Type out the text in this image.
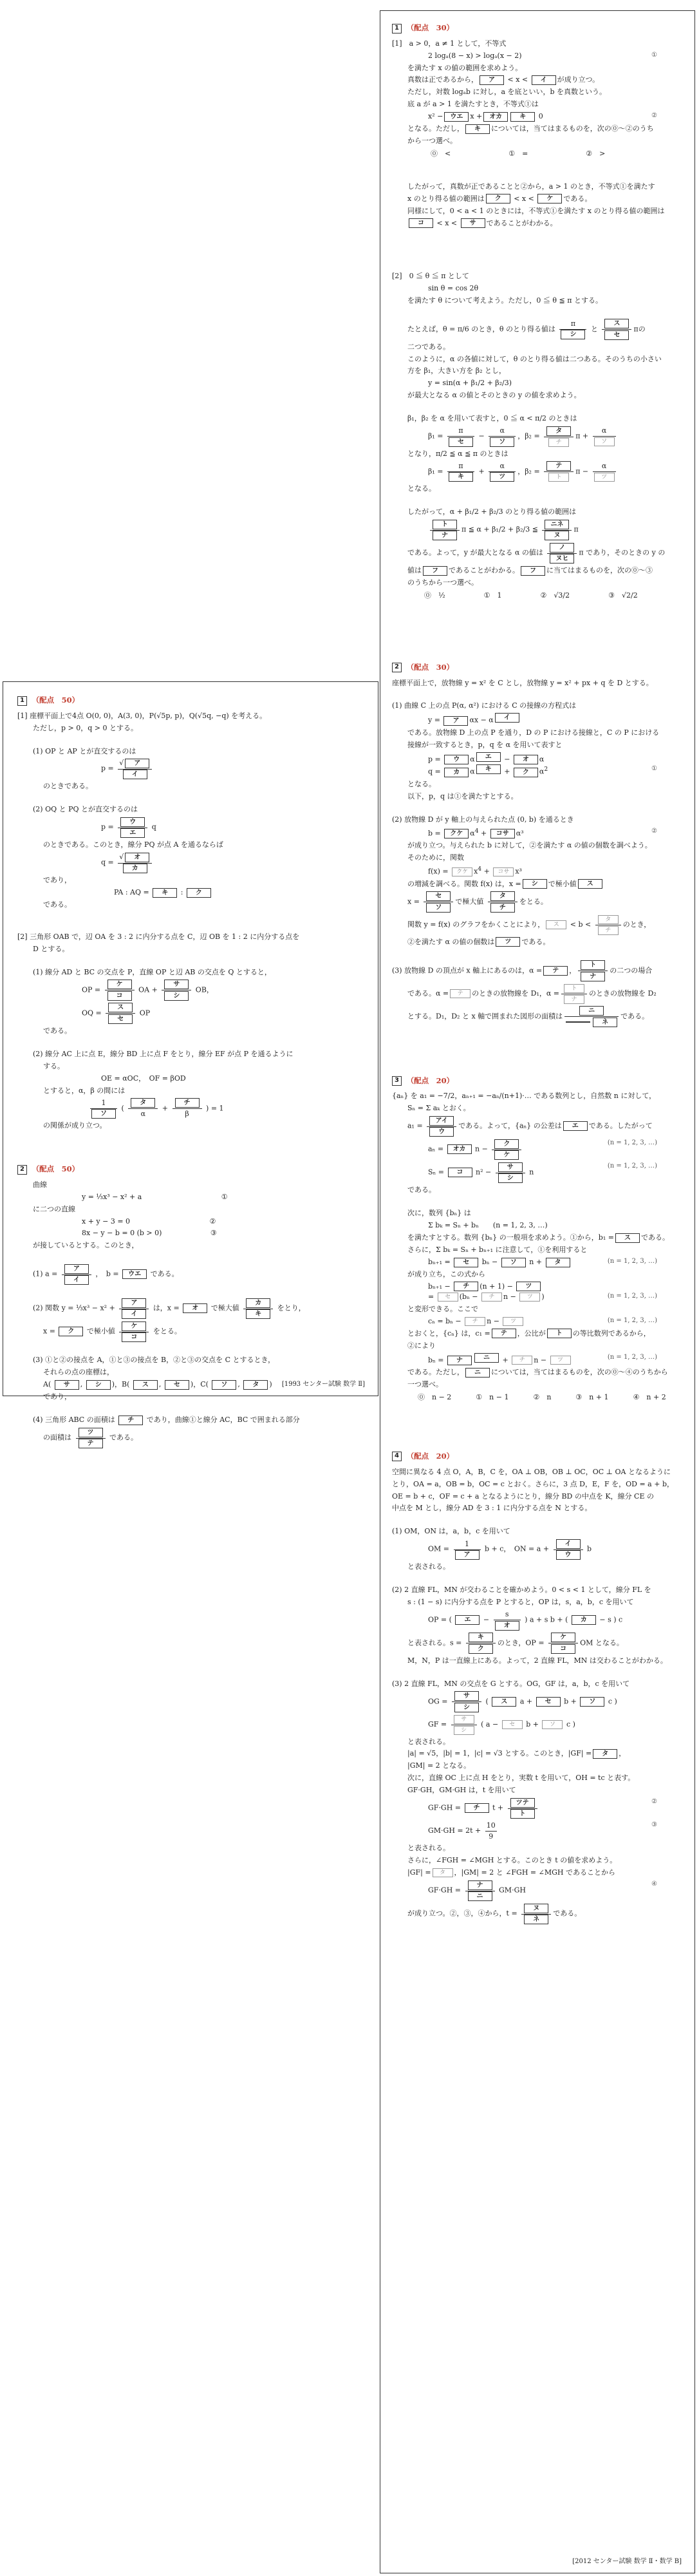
1 （配点　50）

[1] 座標平面上で4点 O(0, 0)，A(3, 0)，P(√5p, p)，Q(√5q, −q) を考える。

ただし，p > 0，q > 0 とする。

(1) OP と AP とが直交するのは

$p = \frac{\text{√ ア}}{\text{イ}}$

のときである。

(2) OQ と PQ とが直交するのは

$p = \frac{\text{ウ}}{\text{エ}}$ q

のときである。このとき，線分 PQ が点 A を通るならば

$q = \frac{\text{√ オ}}{\text{カ}}$

であり，

PA : AQ = キ : ク

である。

[2] 三角形 OAB で，辺 OA を 3 : 2 に内分する点を C，辺 OB を 1 : 2 に内分する点を

D とする。

(1) 線分 AD と BC の交点を P，直線 OP と辺 AB の交点を Q とすると，

OP = $\frac{\text{ケ}}{\text{コ}}$ OA + $\frac{\text{サ}}{\text{シ}}$ OB，
OQ = $\frac{\text{ス}}{\text{セ}}$ OP

である。

(2) 線分 AC 上に点 E，線分 BD 上に点 F をとり，線分 EF が点 P を通るように

する。

OE = αOC，　OF = βOD

とすると，α，β の間には

$\frac{1}{\text{ソ}}$ ( $\frac{\text{タ}}{\alpha} + \frac{\text{チ}}{\beta}$ ) = 1

の関係が成り立つ。

2 （配点　50）

曲線

y = ⅓x³ − x² + a	①

に二つの直線

x + y − 3 = 0	②
8x − y − b = 0 (b > 0)	③

が接しているとする。このとき，

(1) $a = \frac{\text{ア}}{\text{イ}}$ ，　b = ウエ である。

(2) 関数 y = ⅓x³ − $x^2 + \frac{\text{ア}}{\text{イ}}$ は，x = オ で極大値 $\frac{\text{カ}}{\text{キ}}$ をとり，

x = ク で極小値 $\frac{\text{ケ}}{\text{コ}}$ をとる。

(3) ①と②の接点を A，①と③の接点を B，②と③の交点を C とするとき，

それらの点の座標は，

A( サ , シ )，B( ス , セ )，C( ソ , タ )

であり，

(4) 三角形 ABC の面積は チ であり，曲線①と線分 AC，BC で囲まれる部分

の面積は $\frac{\text{ツ}}{\text{テ}}$ である。

[1993 センター試験 数学 Ⅱ]
1 （配点　30）

[1]　a > 0，a ≠ 1 として，不等式

2 logₐ(8 − x) > logₐ(x − 2)	①

を満たす x の値の範囲を求めよう。

真数は正であるから， ア < x < イ が成り立つ。

ただし，対数 logₐb に対し，a を底といい，b を真数という。

底 a が a > 1 を満たすとき，不等式①は

x² − ウエ x + オカ	キ 0	②

となる。ただし， キ については，当てはまるものを，次の⓪〜②のうち

から一つ選べ。

⓪　<	①　=	②　>

したがって，真数が正であることと②から，a > 1 のとき，不等式①を満たす

x のとり得る値の範囲は ク < x < ケ である。

同様にして，0 < a < 1 のときには，不等式①を満たす x のとり得る値の範囲は

コ < x < サ であることがわかる。

[2]　0 ≦ θ ≦ π として

sin θ = cos 2θ

を満たす θ について考えよう。ただし，0 ≦ θ ≦ π とする。

たとえば，θ = π/6 のとき，θ のとり得る値は $\frac{\pi}{\text{シ}}$ と $\frac{\text{ス}}{\text{セ}}$ πの

二つである。

このように，α の各値に対して，θ のとり得る値は二つある。そのうちの小さい

方を β₁，大きい方を β₂ とし，

y = sin(α + β₁/2 + β₂/3)

が最大となる α の値とそのときの y の値を求めよう。

β₁，β₂ を α を用いて表すと，0 ≦ α < π/2 のときは

$\beta_1 = \frac{\pi}{\text{セ}} - \frac{\alpha}{\text{ソ}}$ ，$\beta_2 = \frac{\text{タ}}{\text{チ}}$ $\pi + \frac{\alpha}{\text{ソ}}$

となり，π/2 ≦ α ≦ π のときは

$\beta_1 = \frac{\pi}{\text{キ}} + \frac{\alpha}{\text{ツ}}$ ，$\beta_2 = \frac{\text{テ}}{\text{ト}}$ $\pi - \frac{\alpha}{\text{ツ}}$

となる。

したがって，α + β₁/2 + β₂/3 のとり得る値の範囲は

$\frac{\text{ト}}{\text{ナ}}$ π ≦ α + β₁/2 + β₂/3 ≦ $\frac{\text{ニネ}}{\text{ヌ}}$ π

である。よって，y が最大となる α の値は $\frac{\text{ノ}}{\text{ヌヒ}}$ π であり，そのときの y の

値は フ であることがわかる。 フ に当てはまるものを，次の⓪〜③

のうちから一つ選べ。

⓪　½	①　1	②　√3/2	③　√2/2
2 （配点　30）

座標平面上で，放物線 y = x² を C とし，放物線 y = x² + px + q を D とする。

(1) 曲線 C 上の点 P(α, α²) における C の接線の方程式は

y = ア αx − α $^イ$

である。放物線 D 上の点 P を通り，D の P における接線と，C の P における

接線が一致するとき，p，q を α を用いて表すと

p = ウ α $^エ$ − オ α
q = カ α $^キ$ + ク $\alpha^2$	①

となる。

以下，p，q は①を満たすとする。

(2) 放物線 D が y 軸上の与えられた点 (0, b) を通るとき

b = クケ $\alpha^4$ + コサ α³	②

が成り立つ。与えられた b に対して，②を満たす α の値の個数を調べよう。

そのために，関数

f(x) = クケ $x^4$ + コサ x³

の増減を調べる。関数 f(x) は，x = シ で極小値 ス

$x = \frac{\text{セ}}{\text{ソ}}$ で極大値 $\frac{\text{タ}}{\text{チ}}$ をとる。

関数 y = f(x) のグラフをかくことにより， ス < $b < \frac{\text{タ}}{\text{チ}}$ のとき，

②を満たす α の値の個数は ツ である。

(3) 放物線 D の頂点が x 軸上にあるのは，α = テ ， $\frac{\text{ト}}{\text{ナ}}$ の二つの場合

である。α = テ のときの放物線を D₁，$\alpha = \frac{\text{ト}}{\text{ナ}}$ のときの放物線を D₂

とする。D₁，D₂ と x 軸で囲まれた図形の面積は $\frac{\text{ニ}}{\text{ネ}}$ である。

3 （配点　20）

{aₙ} を a₁ = −7/2，aₙ₊₁ = −aₙ/(n+1)·… である数列とし，自然数 n に対して，

Sₙ = Σ aₖ とおく。

$a_1 = \frac{\text{アイ}}{\text{ウ}}$ である。よって，{aₙ} の公差は エ である。したがって

aₙ = オカ $n - \frac{\text{ク}}{\text{ケ}}$	(n = 1, 2, 3, …)
Sₙ = コ $n^2 - \frac{\text{サ}}{\text{シ}}$ n
(n = 1, 2, 3, …)

である。

次に，数列 {bₙ} は

Σ bₖ = Sₙ + bₙ　　(n = 1, 2, 3, …)

を満たすとする。数列 {bₙ} の一般項を求めよう。①から，b₁ = ス である。

さらに，Σ bₖ = Sₙ + bₙ₊₁ に注意して，①を利用すると

bₙ₊₁ = セ bₙ − ソ n + タ	(n = 1, 2, 3, …)

が成り立ち，この式から

bₙ₊₁ − チ (n + 1) − ツ
= セ (bₙ − チ n − ツ )	(n = 1, 2, 3, …)

と変形できる。ここで

cₙ = bₙ − チ n − ツ	(n = 1, 2, 3, …)

とおくと，{cₙ} は，c₁ = テ ，公比が ト の等比数列であるから，

②により

bₙ = ナ	$^ニ$ + チ n − ツ	(n = 1, 2, 3, …)

である。ただし， ニ については，当てはまるものを，次の⓪〜④のうちから

一つ選べ。

⓪　n − 2	①　n − 1	②　n	③　n + 1	④　n + 2
4 （配点　20）

空間に異なる 4 点 O，A，B，C を，OA ⊥ OB，OB ⊥ OC，OC ⊥ OA となるように

とり，OA = a，OB = b，OC = c とおく。さらに，3 点 D，E，F を，OD = a + b，

OE = b + c，OF = c + a となるようにとり，線分 BD の中点を K，線分 CE の

中点を M とし，線分 AD を 3 : 1 に内分する点を N とする。

(1) OM，ON は，a，b，c を用いて

OM = $\frac{1}{\text{ア}}$ b + c，　ON = $a + \frac{\text{イ}}{\text{ウ}}$ b

と表される。

(2) 2 直線 FL，MN が交わることを確かめよう。0 < s < 1 として，線分 FL を

s : (1 − s) に内分する点を P とすると，OP は，s，a，b，c を用いて

OP = ( エ − $\frac{s}{\text{オ}}$ ) a + s b + ( カ − s ) c

と表される。$s = \frac{\text{キ}}{\text{ク}}$ のとき，OP = $\frac{\text{ケ}}{\text{コ}}$ OM となる。

M，N，P は一直線上にある。よって，2 直線 FL，MN は交わることがわかる。

(3) 2 直線 FL，MN の交点を G とする。OG，GF は，a，b，c を用いて

OG = $\frac{\text{サ}}{\text{シ}}$ ( ス a + セ b + ソ c )
GF = $\frac{\text{サ}}{\text{シ}}$ ( a − セ b + ソ c )

と表される。

|a| = √5，|b| = 1，|c| = √3 とする。このとき，|GF| = タ ，

|GM| = 2 となる。

次に，直線 OC 上に点 H をとり，実数 t を用いて，OH = tc と表す。

GF·GH，GM·GH は，t を用いて

GF·GH = チ $t + \frac{\text{ツテ}}{\text{ト}}$	②
$GM\cdot GH = 2t + \frac{10}{9}$	③

と表される。

さらに，∠FGH = ∠MGH とする。このとき t の値を求めよう。

|GF| = タ ，|GM| = 2 と ∠FGH = ∠MGH であることから

$GF\cdot GH = \frac{\text{ナ}}{\text{ニ}} GM\cdot GH$
④

が成り立つ。②，③，④から，$t = \frac{\text{ヌ}}{\text{ネ}}$ である。

[2012 センター試験 数学 Ⅱ・数学 B]
